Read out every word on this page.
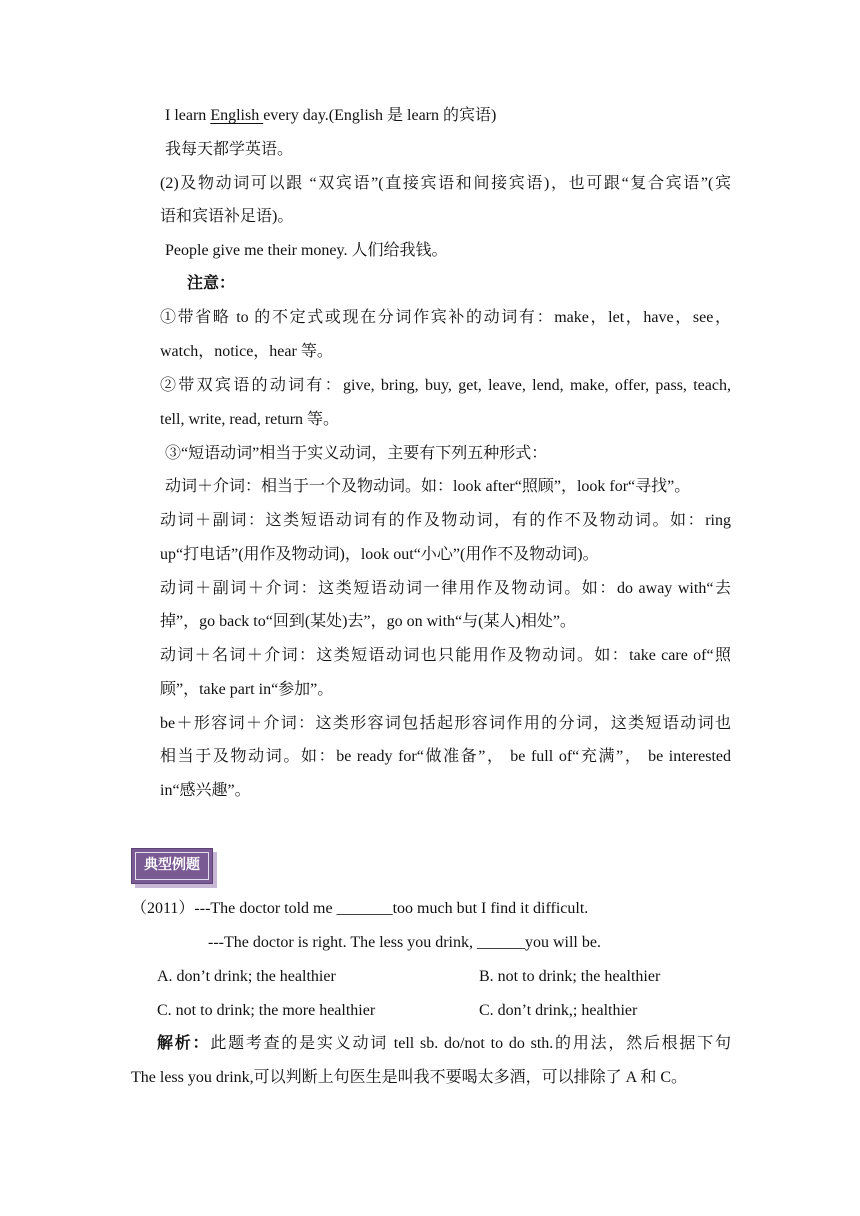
I learn English every day.(English 是 learn 的宾语)
我每天都学英语。
(2)及物动词可以跟 “双宾语”(直接宾语和间接宾语)，也可跟“复合宾语”(宾
语和宾语补足语)。
People give me their money. 人们给我钱。
注意：
①带省略 to 的不定式或现在分词作宾补的动词有：make，let，have，see，
watch，notice，hear 等。
②带双宾语的动词有：give, bring, buy, get, leave, lend, make, offer, pass, teach,
tell, write, read, return 等。
③“短语动词”相当于实义动词，主要有下列五种形式：
动词＋介词：相当于一个及物动词。如：look after“照顾”，look for“寻找”。
动词＋副词：这类短语动词有的作及物动词，有的作不及物动词。如：ring
up“打电话”(用作及物动词)，look out“小心”(用作不及物动词)。
动词＋副词＋介词：这类短语动词一律用作及物动词。如：do away with“去
掉”，go back to“回到(某处)去”，go on with“与(某人)相处”。
动词＋名词＋介词：这类短语动词也只能用作及物动词。如：take care of“照
顾”，take part in“参加”。
be＋形容词＋介词：这类形容词包括起形容词作用的分词，这类短语动词也
相当于及物动词。如：be ready for“做准备”， be full of“充满”， be interested
in“感兴趣”。
典型例题
（2011）---The doctor told me _______too much but I find it difficult.
---The doctor is right. The less you drink, ______you will be.
A. don’t drink; the healthier	B. not to drink; the healthier
C. not to drink; the more healthier	C. don’t drink,; healthier
解析：此题考查的是实义动词 tell sb. do/not to do sth.的用法，然后根据下句
The less you drink,可以判断上句医生是叫我不要喝太多酒，可以排除了 A 和 C。
